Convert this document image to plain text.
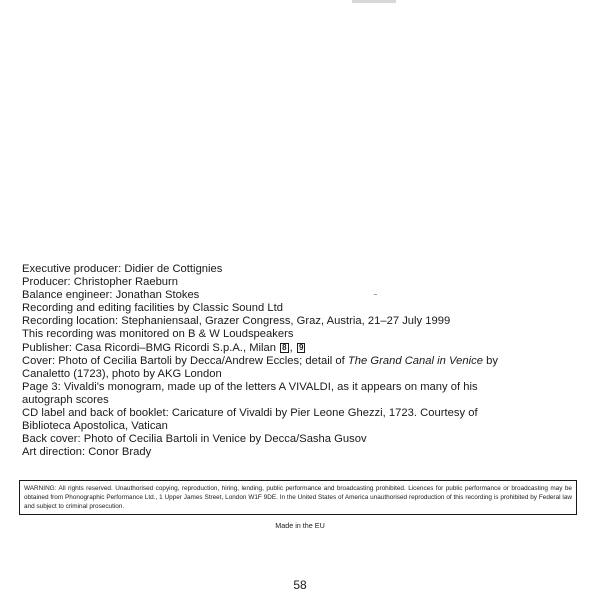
Executive producer: Didier de Cottignies
Producer: Christopher Raeburn
Balance engineer: Jonathan Stokes
Recording and editing facilities by Classic Sound Ltd
Recording location: Stephaniensaal, Grazer Congress, Graz, Austria, 21–27 July 1999
This recording was monitored on B & W Loudspeakers
Publisher: Casa Ricordi–BMG Ricordi S.p.A., Milan 8 , 9
Cover: Photo of Cecilia Bartoli by Decca/Andrew Eccles; detail of The Grand Canal in Venice by Canaletto (1723), photo by AKG London
Page 3: Vivaldi's monogram, made up of the letters A VIVALDI, as it appears on many of his autograph scores
CD label and back of booklet: Caricature of Vivaldi by Pier Leone Ghezzi, 1723. Courtesy of Biblioteca Apostolica, Vatican
Back cover: Photo of Cecilia Bartoli in Venice by Decca/Sasha Gusov
Art direction: Conor Brady
WARNING: All rights reserved. Unauthorised copying, reproduction, hiring, lending, public performance and broadcasting prohibited. Licences for public performance or broadcasting may be obtained from Phonographic Performance Ltd., 1 Upper James Street, London W1F 9DE. In the United States of America unauthorised reproduction of this recording is prohibited by Federal law and subject to criminal prosecution.
Made in the EU
58
